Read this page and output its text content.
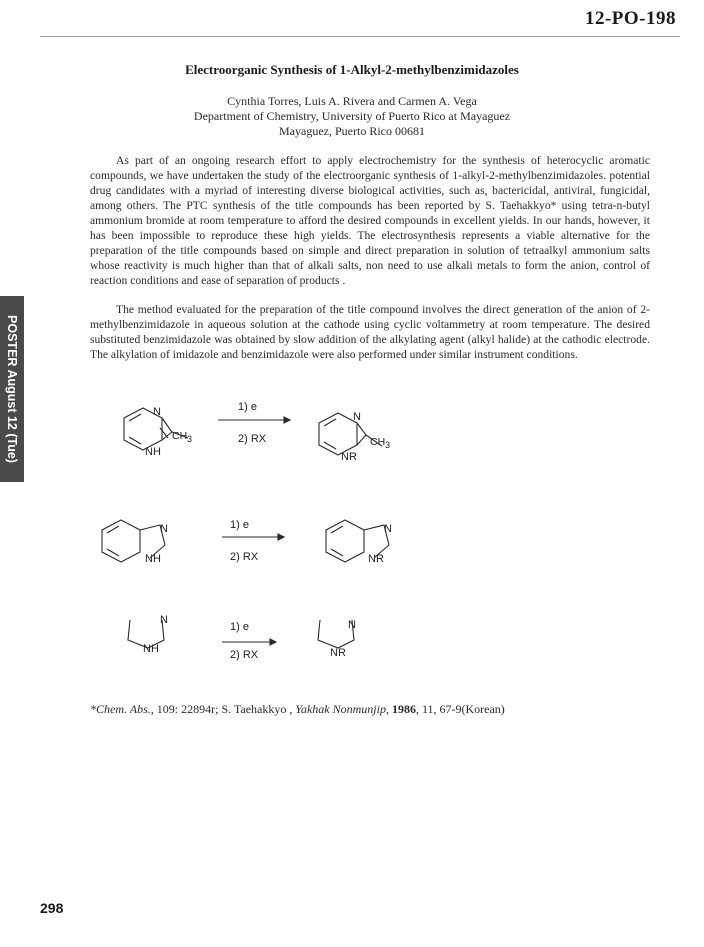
12-PO-198
Electroorganic Synthesis of 1-Alkyl-2-methylbenzimidazoles
Cynthia Torres, Luis A. Rivera and Carmen A. Vega
Department of Chemistry, University of Puerto Rico at Mayaguez
Mayaguez, Puerto Rico 00681

As part of an ongoing research effort to apply electrochemistry for the synthesis of heterocyclic aromatic compounds, we have undertaken the study of the electroorganic synthesis of 1-alkyl-2-methylbenzimidazoles. potential drug candidates with a myriad of interesting diverse biological activities, such as, bactericidal, antiviral, fungicidal, among others. The PTC synthesis of the title compounds has been reported by S. Taehakkyo* using tetra-n-butyl ammonium bromide at room temperature to afford the desired compounds in excellent yields. In our hands, however, it has been impossible to reproduce these high yields. The electrosynthesis represents a viable alternative for the preparation of the title compounds based on simple and direct preparation in solution of tetraalkyl ammonium salts whose reactivity is much higher than that of alkali salts, non need to use alkali metals to form the anion, control of reaction conditions and ease of separation of products .

The method evaluated for the preparation of the title compound involves the direct generation of the anion of 2-methylbenzimidazole in aqueous solution at the cathode using cyclic voltammetry at room temperature. The desired substituted benzimidazole was obtained by slow addition of the alkylating agent (alkyl halide) at the cathodic electrode. The alkylation of imidazole and benzimidazole were also performed under similar instrument conditions.

POSTER August 12 (Tue)	N
NH
$CH_3$
1) e
2) RX
N
NR
$CH_3$
N
NH
1) e
2) RX
N
NR
N
NH
1) e
2) RX
N
NR
*Chem. Abs., 109: 22894r; S. Taehakkyo , Yakhak Nonmunjip, 1986, 11, 67-9(Korean)
298
